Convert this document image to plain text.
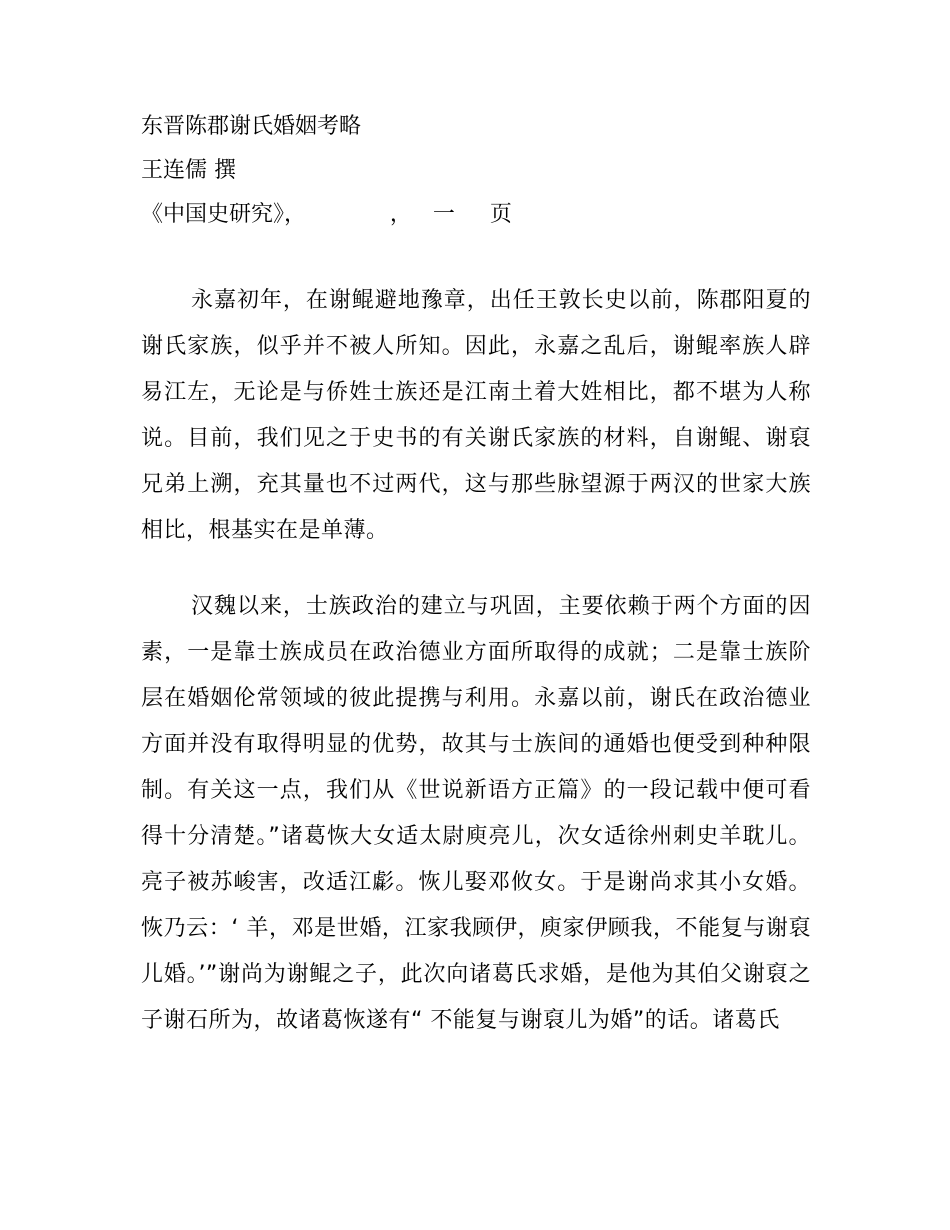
东晋陈郡谢氏婚姻考略
王连儒 撰
《中国史研究》，            ，   一     页
永嘉初年，在谢鲲避地豫章，出任王敦长史以前，陈郡阳夏的谢氏家族，似乎并不被人所知。因此，永嘉之乱后，谢鲲率族人辟易江左，无论是与侨姓士族还是江南土着大姓相比，都不堪为人称说。目前，我们见之于史书的有关谢氏家族的材料，自谢鲲、谢裒兄弟上溯，充其量也不过两代，这与那些脉望源于两汉的世家大族相比，根基实在是单薄。
汉魏以来，士族政治的建立与巩固，主要依赖于两个方面的因素，一是靠士族成员在政治德业方面所取得的成就；二是靠士族阶层在婚姻伦常领域的彼此提携与利用。永嘉以前，谢氏在政治德业方面并没有取得明显的优势，故其与士族间的通婚也便受到种种限制。有关这一点，我们从《世说新语方正篇》的一段记载中便可看得十分清楚。”诸葛恢大女适太尉庾亮儿，次女适徐州刺史羊耽儿。亮子被苏峻害，改适江虨。恢儿娶邓攸女。于是谢尚求其小女婚。恢乃云：‘ 羊，邓是世婚，江家我顾伊，庾家伊顾我，不能复与谢裒儿婚。’”谢尚为谢鲲之子，此次向诸葛氏求婚，是他为其伯父谢裒之子谢石所为，故诸葛恢遂有“ 不能复与谢裒儿为婚”的话。诸葛氏
